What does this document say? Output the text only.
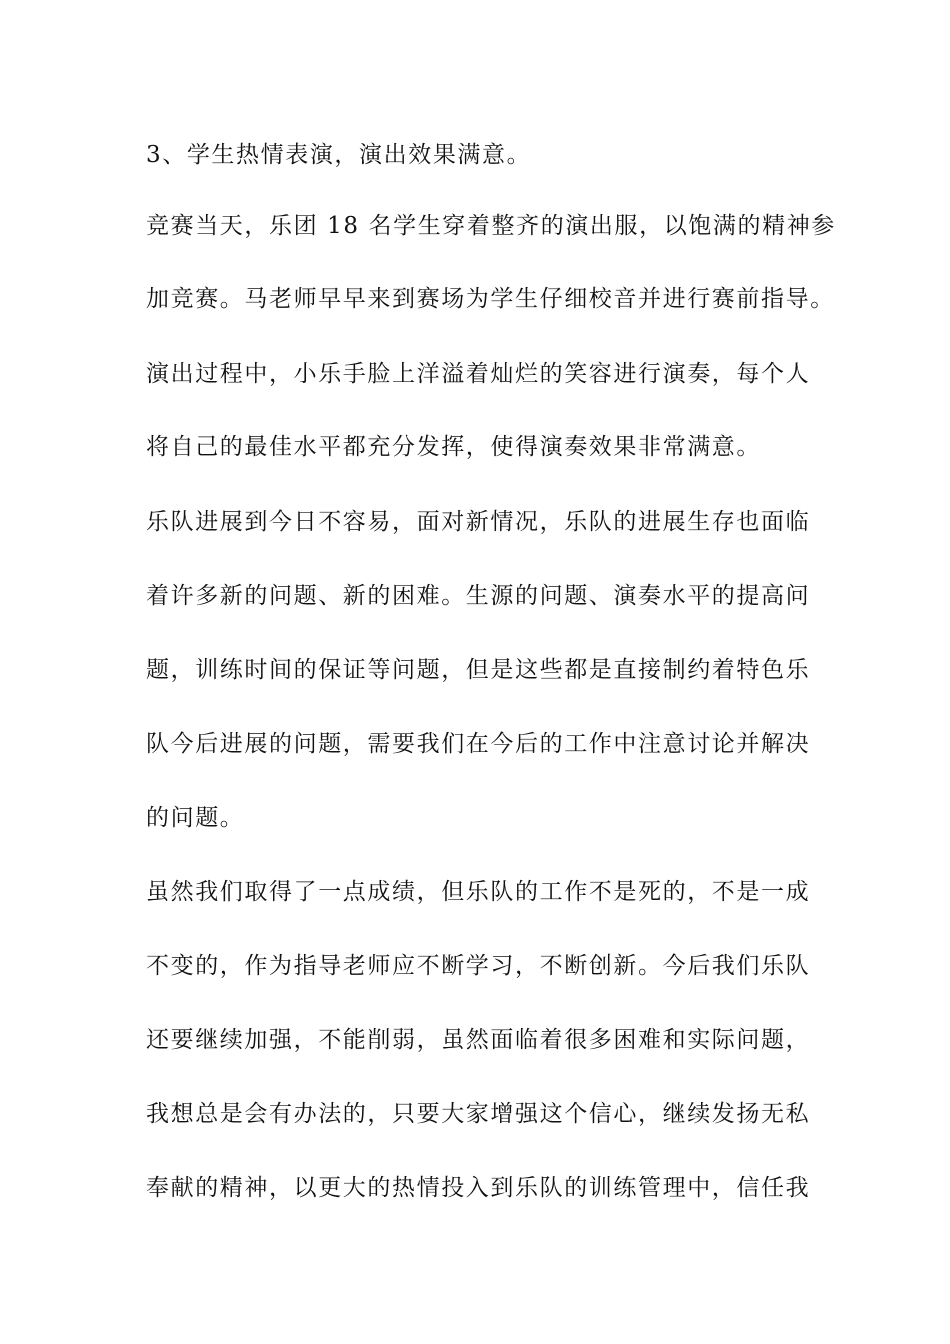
3、学生热情表演，演出效果满意。
竞赛当天，乐团 18 名学生穿着整齐的演出服，以饱满的精神参
加竞赛。马老师早早来到赛场为学生仔细校音并进行赛前指导。
演出过程中，小乐手脸上洋溢着灿烂的笑容进行演奏，每个人
将自己的最佳水平都充分发挥，使得演奏效果非常满意。
乐队进展到今日不容易，面对新情况，乐队的进展生存也面临
着许多新的问题、新的困难。生源的问题、演奏水平的提高问
题，训练时间的保证等问题，但是这些都是直接制约着特色乐
队今后进展的问题，需要我们在今后的工作中注意讨论并解决
的问题。
虽然我们取得了一点成绩，但乐队的工作不是死的，不是一成
不变的，作为指导老师应不断学习，不断创新。今后我们乐队
还要继续加强，不能削弱，虽然面临着很多困难和实际问题，
我想总是会有办法的，只要大家增强这个信心，继续发扬无私
奉献的精神，以更大的热情投入到乐队的训练管理中，信任我
